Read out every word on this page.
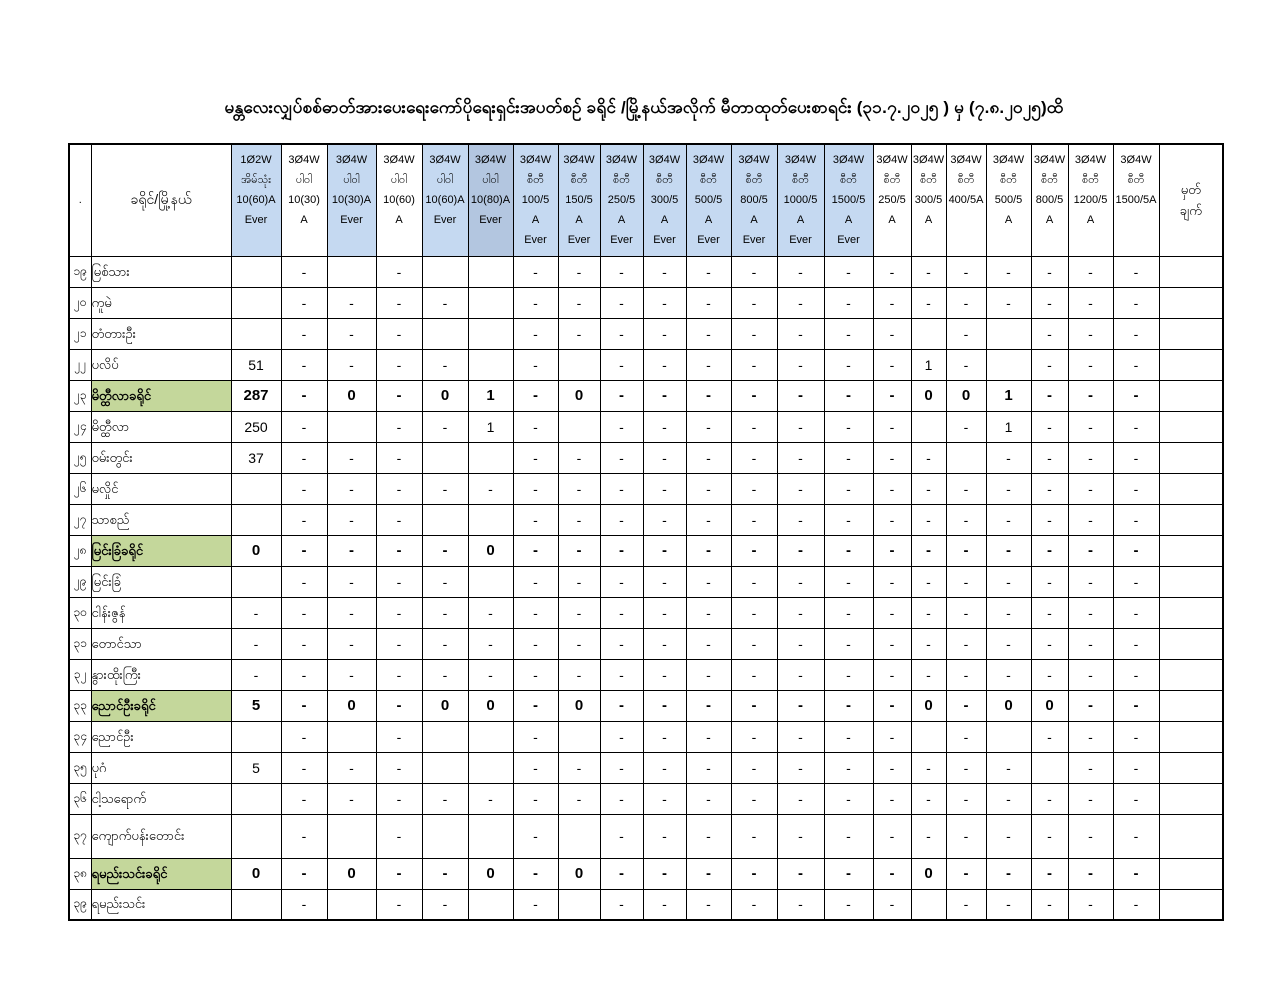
မန္တလေးလျှပ်စစ်ဓာတ်အားပေးရေးကော်ပိုရေးရှင်းအပတ်စဉ် ခရိုင် /မြို့နယ်အလိုက် မီတာထုတ်ပေးစာရင်း (၃၁.၇.၂၀၂၅ ) မှ (၇.၈.၂၀၂၅)ထိ
.	ခရိုင်/မြို့နယ်	
1Ø2W
အိမ်သုံး
10(60)A
Ever

3Ø4W
ပါဝါ
10(30)
A

3Ø4W
ပါဝါ
10(30)A
Ever

3Ø4W
ပါဝါ
10(60)
A

3Ø4W
ပါဝါ
10(60)A
Ever

3Ø4W
ပါဝါ
10(80)A
Ever

3Ø4W
စီတီ
100/5
A
Ever

3Ø4W
စီတီ
150/5
A
Ever

3Ø4W
စီတီ
250/5
A
Ever

3Ø4W
စီတီ
300/5
A
Ever

3Ø4W
စီတီ
500/5
A
Ever

3Ø4W
စီတီ
800/5
A
Ever

3Ø4W
စီတီ
1000/5
A
Ever

3Ø4W
စီတီ
1500/5
A
Ever

3Ø4W
စီတီ
250/5
A

3Ø4W
စီတီ
300/5
A

3Ø4W
စီတီ
400/5A

3Ø4W
စီတီ
500/5
A

3Ø4W
စီတီ
800/5
A

3Ø4W
စီတီ
1200/5
A

3Ø4W
စီတီ
1500/5A

မှတ်
ချက်

၁၉	မြစ်သား		-		-			-	-	-	-	-	-	-	-	-	-	-	-	-	-	-	
၂၀	ကူမဲ		-	-	-	-		-	-	-	-	-	-	-	-	-	-	-	-	-	-	-	
၂၁	တံတားဦး		-	-	-			-	-	-	-	-	-	-	-	-		-		-	-	-	
၂၂	ပလိပ်	51	-	-	-	-		-		-	-	-	-	-	-	-	1	-		-	-	-	
၂၃	မိတ္ထီလာခရိုင်	287	-	0	-	0	1	-	0	-	-	-	-	-	-	-	0	0	1	-	-	-	
၂၄	မိတ္ထီလာ	250	-		-	-	1	-		-	-	-	-	-	-	-		-	1	-	-	-	
၂၅	ဝမ်းတွင်း	37	-	-	-			-	-	-	-	-	-	-	-	-	-		-	-	-	-	
၂၆	မလှိုင်		-	-	-	-	-	-	-	-	-	-	-	-	-	-	-	-	-	-	-	-	
၂၇	သာစည်		-	-	-			-	-	-	-	-	-	-	-	-	-	-	-	-	-	-	
၂၈	မြင်းခြံခရိုင်	0	-	-	-	-	0	-	-	-	-	-	-	-	-	-	-	-	-	-	-	-	
၂၉	မြင်းခြံ		-	-	-	-		-	-	-	-	-	-	-	-	-	-	-	-	-	-	-	
၃၀	ငါန်းဇွန်	-	-	-	-	-	-	-	-	-	-	-	-	-	-	-	-	-	-	-	-	-	
၃၁	တောင်သာ	-	-	-	-	-	-	-	-	-	-	-	-	-	-	-	-	-	-	-	-	-	
၃၂	နွားထိုးကြီး	-	-	-	-	-	-	-	-	-	-	-	-	-	-	-	-	-	-	-	-	-	
၃၃	ညောင်ဦးခရိုင်	5	-	0	-	0	0	-	0	-	-	-	-	-	-	-	0	-	0	0	-	-	
၃၄	ညောင်ဦး		-		-			-		-	-	-	-	-	-	-		-		-	-	-	
၃၅	ပုဂံ	5	-	-	-			-	-	-	-	-	-	-	-	-	-	-	-		-	-	
၃၆	ငါ့သရောက်		-	-	-	-	-	-	-	-	-	-	-	-	-	-	-	-	-	-	-	-	
၃၇	ကျောက်ပန်းတောင်း		-		-			-		-	-	-	-	-	-	-	-	-	-	-	-	-	
၃၈	ရမည်းသင်းခရိုင်	0	-	0	-	-	0	-	0	-	-	-	-	-	-	-	0	-	-	-	-	-	
၃၉	ရမည်းသင်း		-		-	-		-		-	-	-	-	-	-	-		-	-	-	-	-	
